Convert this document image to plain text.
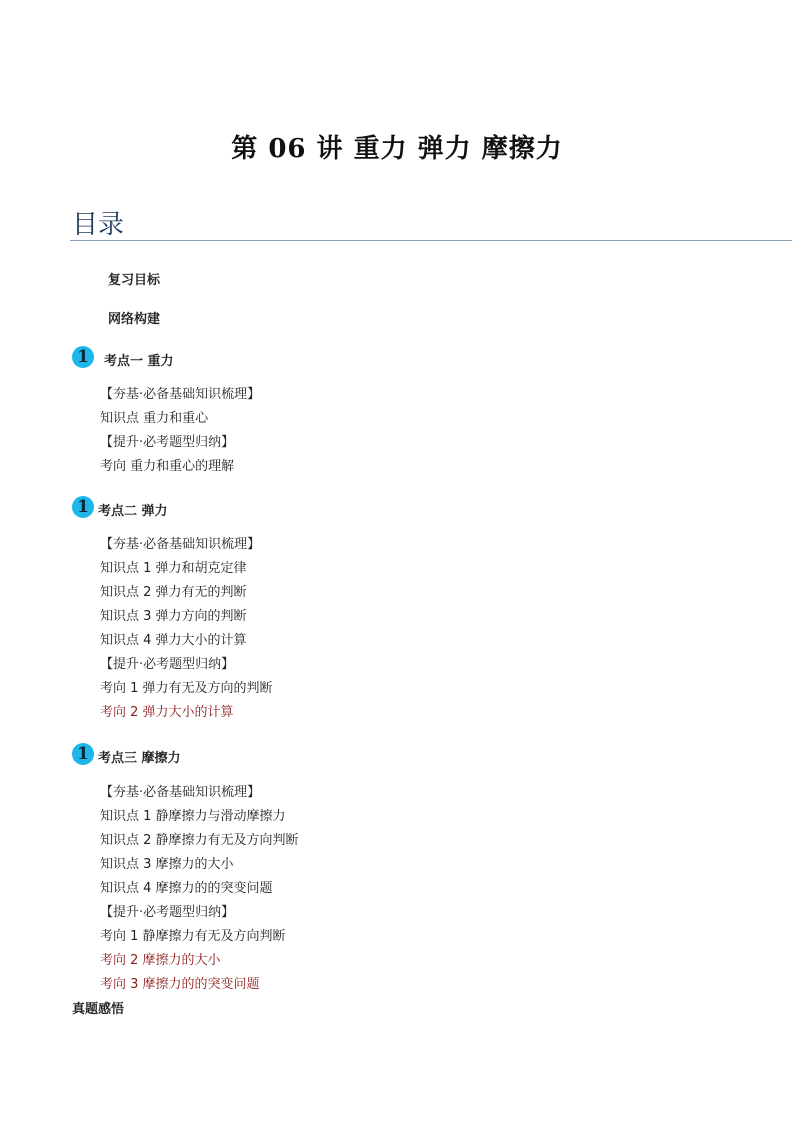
第 06 讲 重力 弹力 摩擦力
目录
复习目标
网络构建
1	考点一 重力
【夯基·必备基础知识梳理】
知识点 重力和重心
【提升·必考题型归纳】
考向 重力和重心的理解
1 考点二 弹力
【夯基·必备基础知识梳理】
知识点 1 弹力和胡克定律
知识点 2 弹力有无的判断
知识点 3 弹力方向的判断
知识点 4 弹力大小的计算
【提升·必考题型归纳】
考向 1 弹力有无及方向的判断
考向 2 弹力大小的计算
1 考点三 摩擦力
【夯基·必备基础知识梳理】
知识点 1 静摩擦力与滑动摩擦力
知识点 2 静摩擦力有无及方向判断
知识点 3 摩擦力的大小
知识点 4 摩擦力的的突变问题
【提升·必考题型归纳】
考向 1 静摩擦力有无及方向判断
考向 2 摩擦力的大小
考向 3 摩擦力的的突变问题
真题感悟
